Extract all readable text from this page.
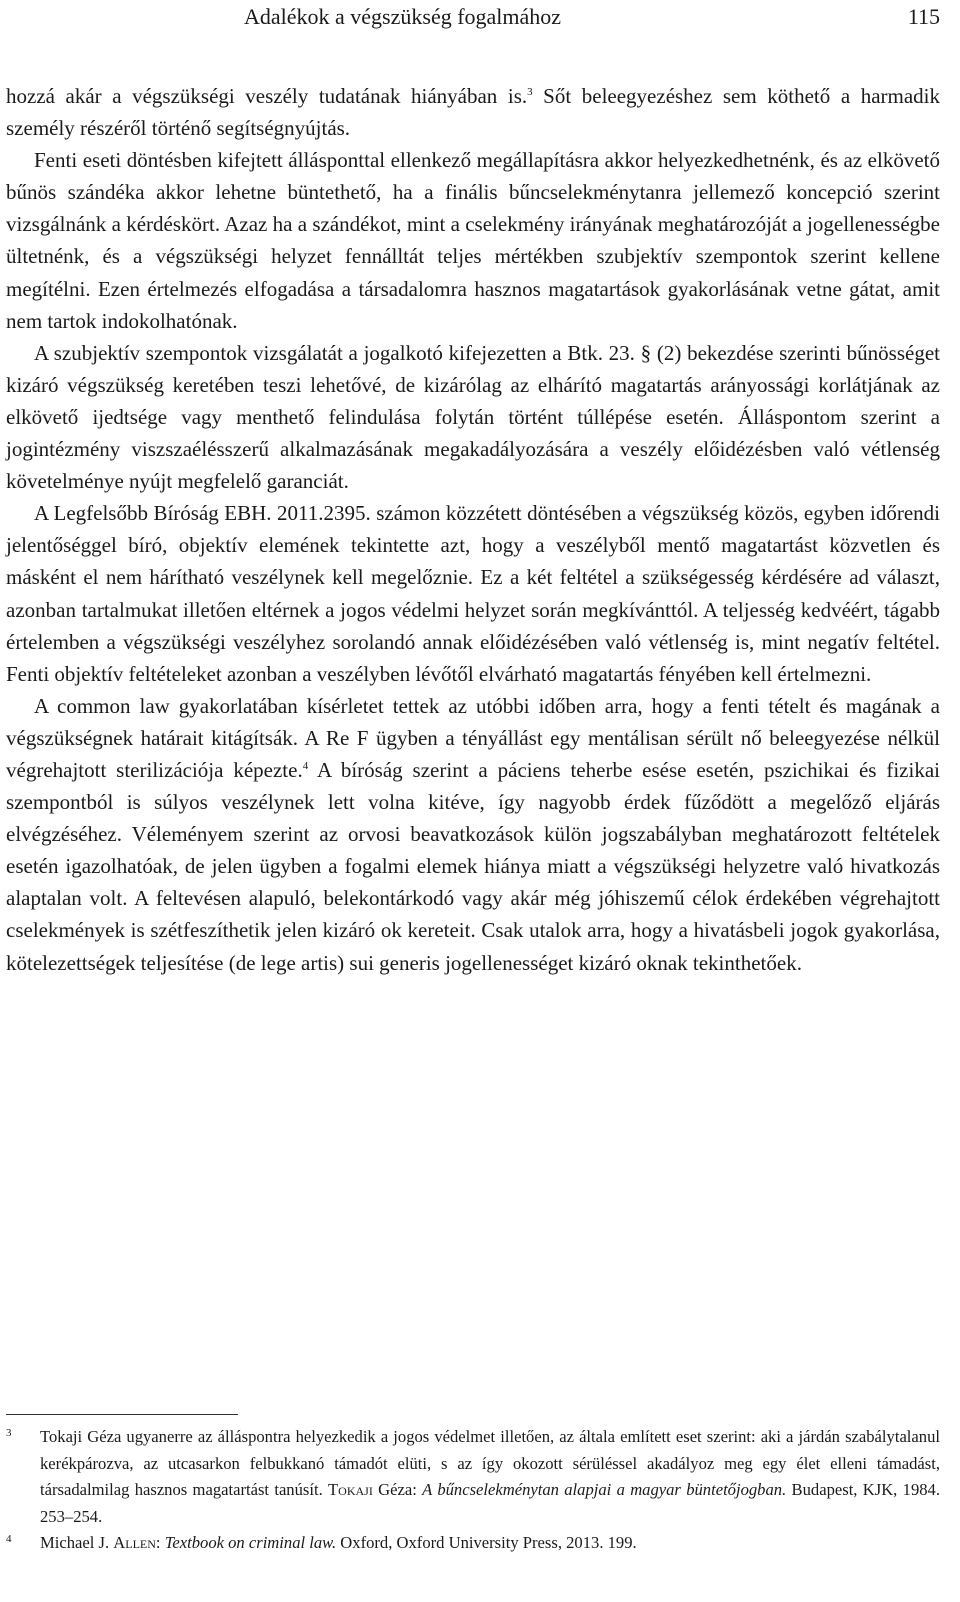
Adalékok a végszükség fogalmához	115

hozzá akár a végszükségi veszély tudatának hiányában is.$^3$ Sőt beleegyezéshez sem köthető a harmadik személy részéről történő segítségnyújtás.

Fenti eseti döntésben kifejtett állásponttal ellenkező megállapításra akkor helyezkedhetnénk, és az elkövető bűnös szándéka akkor lehetne büntethető, ha a finális bűncselekménytanra jellemező koncepció szerint vizsgálnánk a kérdéskört. Azaz ha a szándékot, mint a cselekmény irányának meghatározóját a jogellenességbe ültetnénk, és a végszükségi helyzet fennálltát teljes mértékben szubjektív szempontok szerint kellene megítélni. Ezen értelmezés elfogadása a társadalomra hasznos magatartások gyakorlásának vetne gátat, amit nem tartok indokolhatónak.

A szubjektív szempontok vizsgálatát a jogalkotó kifejezetten a Btk. 23. § (2) bekezdése szerinti bűnösséget kizáró végszükség keretében teszi lehetővé, de kizárólag az elhárító magatartás arányossági korlátjának az elkövető ijedtsége vagy menthető felindulása folytán történt túllépése esetén. Álláspontom szerint a jogintézmény viszszaélésszerű alkalmazásának megakadályozására a veszély előidézésben való vétlenség követelménye nyújt megfelelő garanciát.

A Legfelsőbb Bíróság EBH. 2011.2395. számon közzétett döntésében a végszükség közös, egyben időrendi jelentőséggel bíró, objektív elemének tekintette azt, hogy a veszélyből mentő magatartást közvetlen és másként el nem hárítható veszélynek kell megelőznie. Ez a két feltétel a szükségesség kérdésére ad választ, azonban tartalmukat illetően eltérnek a jogos védelmi helyzet során megkívánttól. A teljesség kedvéért, tágabb értelemben a végszükségi veszélyhez sorolandó annak előidézésében való vétlenség is, mint negatív feltétel. Fenti objektív feltételeket azonban a veszélyben lévőtől elvárható magatartás fényében kell értelmezni.

A common law gyakorlatában kísérletet tettek az utóbbi időben arra, hogy a fenti tételt és magának a végszükségnek határait kitágítsák. A Re F ügyben a tényállást egy mentálisan sérült nő beleegyezése nélkül végrehajtott sterilizációja képezte.$^4$ A bíróság szerint a páciens teherbe esése esetén, pszichikai és fizikai szempontból is súlyos veszélynek lett volna kitéve, így nagyobb érdek fűződött a megelőző eljárás elvégzéséhez. Véleményem szerint az orvosi beavatkozások külön jogszabályban meghatározott feltételek esetén igazolhatóak, de jelen ügyben a fogalmi elemek hiánya miatt a végszükségi helyzetre való hivatkozás alaptalan volt. A feltevésen alapuló, belekontárkodó vagy akár még jóhiszemű célok érdekében végrehajtott cselekmények is szétfeszíthetik jelen kizáró ok kereteit. Csak utalok arra, hogy a hivatásbeli jogok gyakorlása, kötelezettségek teljesítése (de lege artis) sui generis jogellenességet kizáró oknak tekinthetőek.

3 Tokaji Géza ugyanerre az álláspontra helyezkedik a jogos védelmet illetően, az általa említett eset szerint: aki a járdán szabálytalanul kerékpározva, az utcasarkon felbukkanó támadót elüti, s az így okozott sérüléssel akadályoz meg egy élet elleni támadást, társadalmilag hasznos magatartást tanúsít. Tokaji Géza: A bűncselekménytan alapjai a magyar büntetőjogban. Budapest, KJK, 1984. 253–254.
4 Michael J. Allen: Textbook on criminal law. Oxford, Oxford University Press, 2013. 199.
